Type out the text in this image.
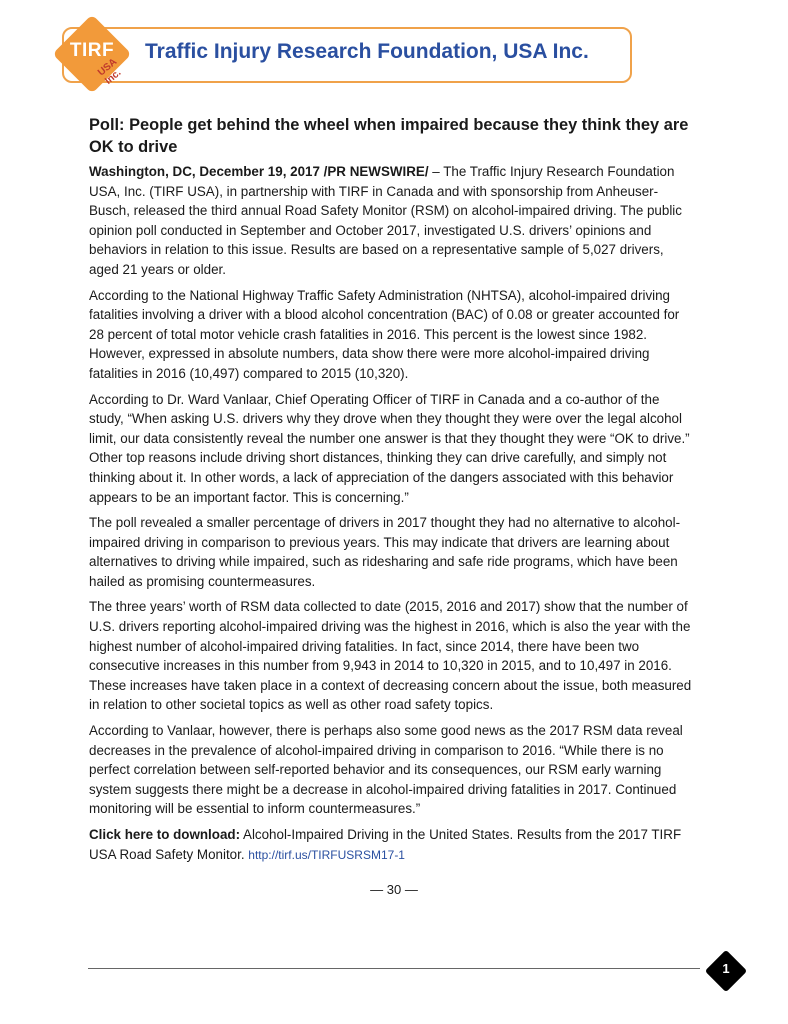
TIRF
USA Inc.
Traffic Injury Research Foundation, USA Inc.
Poll: People get behind the wheel when impaired because they think they are OK to drive

Washington, DC, December 19, 2017 /PR NEWSWIRE/ – The Traffic Injury Research Foundation USA, Inc. (TIRF USA), in partnership with TIRF in Canada and with sponsorship from Anheuser-Busch, released the third annual Road Safety Monitor (RSM) on alcohol-impaired driving. The public opinion poll conducted in September and October 2017, investigated U.S. drivers’ opinions and behaviors in relation to this issue. Results are based on a representative sample of 5,027 drivers, aged 21 years or older.

According to the National Highway Traffic Safety Administration (NHTSA), alcohol-impaired driving fatalities involving a driver with a blood alcohol concentration (BAC) of 0.08 or greater accounted for 28 percent of total motor vehicle crash fatalities in 2016. This percent is the lowest since 1982. However, expressed in absolute numbers, data show there were more alcohol-impaired driving fatalities in 2016 (10,497) compared to 2015 (10,320).

According to Dr. Ward Vanlaar, Chief Operating Officer of TIRF in Canada and a co-author of the study, “When asking U.S. drivers why they drove when they thought they were over the legal alcohol limit, our data consistently reveal the number one answer is that they thought they were “OK to drive.” Other top reasons include driving short distances, thinking they can drive carefully, and simply not thinking about it. In other words, a lack of appreciation of the dangers associated with this behavior appears to be an important factor. This is concerning.”

The poll revealed a smaller percentage of drivers in 2017 thought they had no alternative to alcohol-impaired driving in comparison to previous years. This may indicate that drivers are learning about alternatives to driving while impaired, such as ridesharing and safe ride programs, which have been hailed as promising countermeasures.

The three years’ worth of RSM data collected to date (2015, 2016 and 2017) show that the number of U.S. drivers reporting alcohol-impaired driving was the highest in 2016, which is also the year with the highest number of alcohol-impaired driving fatalities. In fact, since 2014, there have been two consecutive increases in this number from 9,943 in 2014 to 10,320 in 2015, and to 10,497 in 2016. These increases have taken place in a context of decreasing concern about the issue, both measured in relation to other societal topics as well as other road safety topics.

According to Vanlaar, however, there is perhaps also some good news as the 2017 RSM data reveal decreases in the prevalence of alcohol-impaired driving in comparison to 2016. “While there is no perfect correlation between self-reported behavior and its consequences, our RSM early warning system suggests there might be a decrease in alcohol-impaired driving fatalities in 2017. Continued monitoring will be essential to inform countermeasures.”

Click here to download: Alcohol-Impaired Driving in the United States. Results from the 2017 TIRF USA Road Safety Monitor. http://tirf.us/TIRFUSRSM17-1

— 30 —
1
